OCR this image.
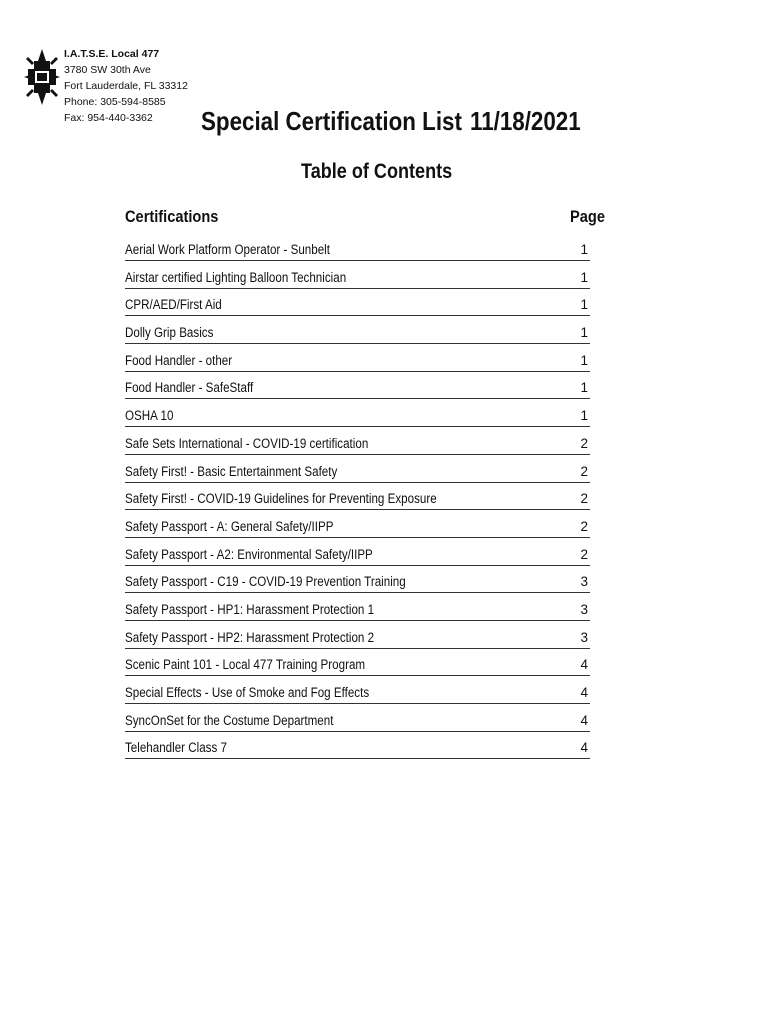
I.A.T.S.E. Local 477
3780 SW 30th Ave
Fort Lauderdale, FL 33312
Phone: 305-594-8585
Fax: 954-440-3362	Special Certification List 11/18/2021
Table of Contents
Certifications	Page
Aerial Work Platform Operator - Sunbelt	1
Airstar certified Lighting Balloon Technician	1
CPR/AED/First Aid	1
Dolly Grip Basics	1
Food Handler - other	1
Food Handler - SafeStaff	1
OSHA 10	1
Safe Sets International - COVID-19 certification	2
Safety First! - Basic Entertainment Safety	2
Safety First! - COVID-19 Guidelines for Preventing Exposure	2
Safety Passport - A: General Safety/IIPP	2
Safety Passport - A2: Environmental Safety/IIPP	2
Safety Passport - C19 - COVID-19 Prevention Training	3
Safety Passport - HP1: Harassment Protection 1	3
Safety Passport - HP2: Harassment Protection 2	3
Scenic Paint 101 - Local 477 Training Program	4
Special Effects - Use of Smoke and Fog Effects	4
SyncOnSet for the Costume Department	4
Telehandler Class 7	4
